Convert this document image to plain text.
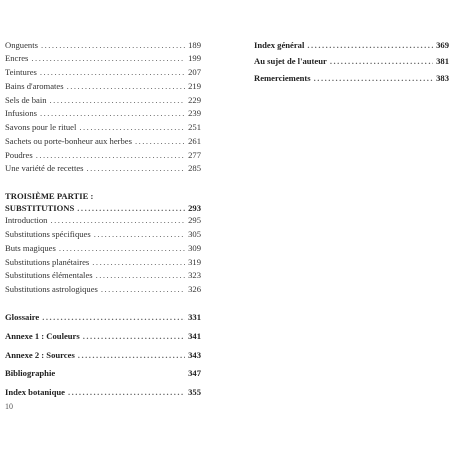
Onguents .....	189
Encres .....	199
Teintures .....	207
Bains d'aromates .....	219
Sels de bain .....	229
Infusions .....	239
Savons pour le rituel .....	251
Sachets ou porte-bonheur aux herbes .....	261
Poudres .....	277
Une variété de recettes .....	285
TROISIÈME PARTIE :
SUBSTITUTIONS .....	293
Introduction .....	295
Substitutions spécifiques .....	305
Buts magiques .....	309
Substitutions planétaires .....	319
Substitutions élémentales .....	323
Substitutions astrologiques .....	326
Glossaire .....	331
Annexe 1 : Couleurs .....	341
Annexe 2 : Sources .....	343
Bibliographie	347
Index botanique .....	355
Index général .....	369
Au sujet de l'auteur .....	381
Remerciements .....	383
10
